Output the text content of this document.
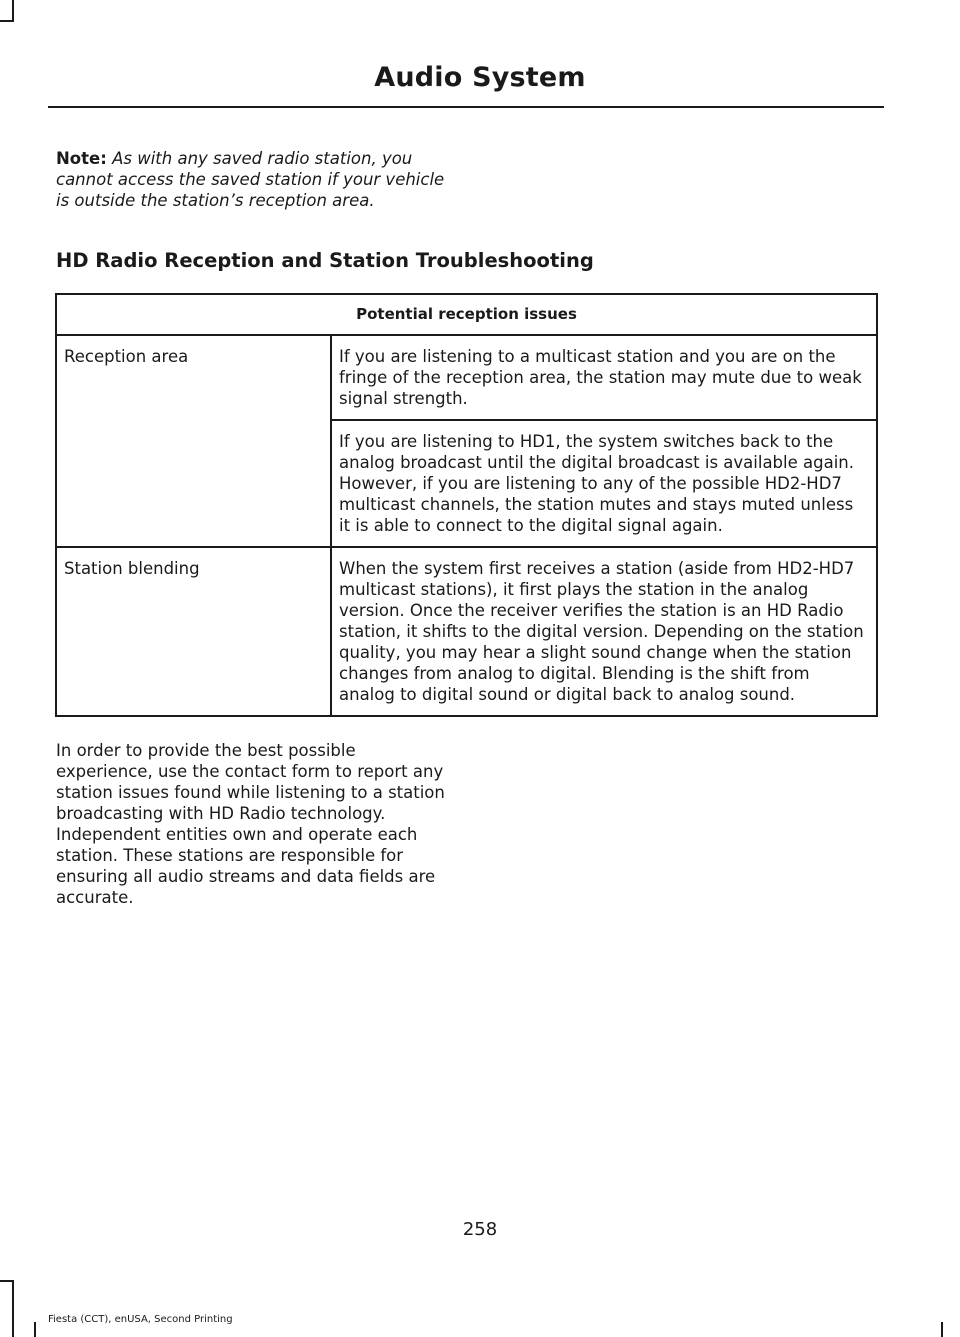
Audio System
Note: As with any saved radio station, you cannot access the saved station if your vehicle is outside the station’s reception area.
HD Radio Reception and Station Troubleshooting
Potential reception issues	
Reception area	If you are listening to a multicast station and you are on the fringe of the reception area, the station may mute due to weak signal strength.
	If you are listening to HD1, the system switches back to the analog broadcast until the digital broadcast is available again. However, if you are listening to any of the possible HD2-HD7 multicast channels, the station mutes and stays muted unless it is able to connect to the digital signal again.
Station blending	When the system first receives a station (aside from HD2-HD7 multicast stations), it first plays the station in the analog version. Once the receiver verifies the station is an HD Radio station, it shifts to the digital version. Depending on the station quality, you may hear a slight sound change when the station changes from analog to digital. Blending is the shift from analog to digital sound or digital back to analog sound.
In order to provide the best possible experience, use the contact form to report any station issues found while listening to a station broadcasting with HD Radio technology. Independent entities own and operate each station. These stations are responsible for ensuring all audio streams and data fields are accurate.
258
Fiesta (CCT), enUSA, Second Printing
